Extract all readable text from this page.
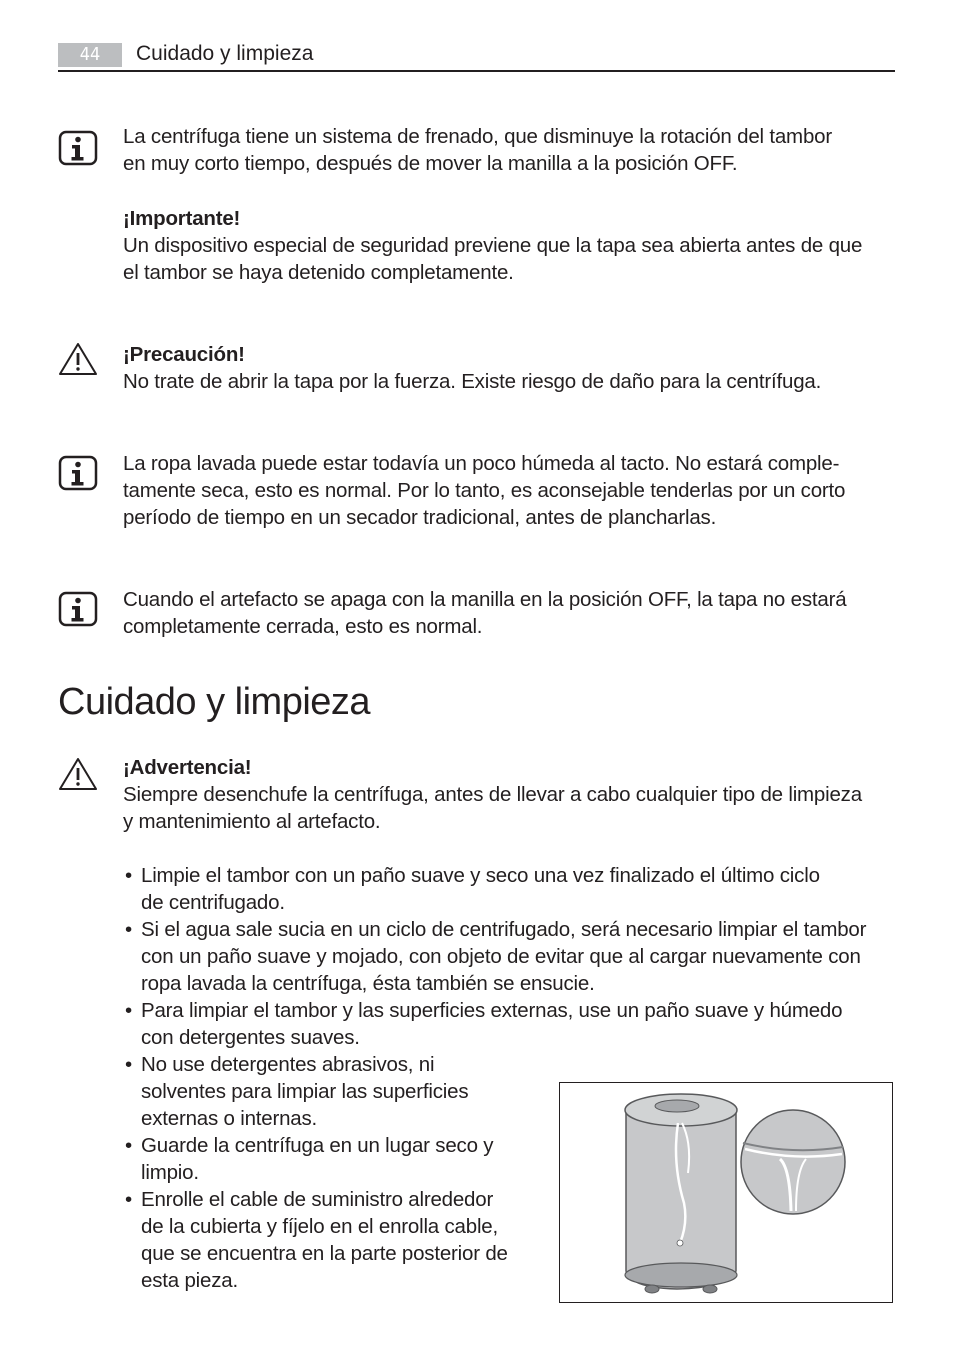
44	Cuidado y limpieza

La centrífuga tiene un sistema de frenado, que disminuye la rotación del tambor

en muy corto tiempo, después de mover la manilla a la posición OFF.

¡Importante!

Un dispositivo especial de seguridad previene que la tapa sea abierta antes de que

el tambor se haya detenido completamente.

¡Precaución!

No trate de abrir la tapa por la fuerza. Existe riesgo de daño para la centrífuga.

La ropa lavada puede estar todavía un poco húmeda al tacto. No estará comple-

tamente seca, esto es normal. Por lo tanto, es aconsejable tenderlas por un corto

período de tiempo en un secador tradicional, antes de plancharlas.

Cuando el artefacto se apaga con la manilla en la posición OFF, la tapa no estará

completamente cerrada, esto es normal.

Cuidado y limpieza

¡Advertencia!

Siempre desenchufe la centrífuga, antes de llevar a cabo cualquier tipo de limpieza

y mantenimiento al artefacto.

• Limpie el tambor con un paño suave y seco una vez finalizado el último ciclo
de centrifugado.
• Si el agua sale sucia en un ciclo de centrifugado, será necesario limpiar el tambor
con un paño suave y mojado, con objeto de evitar que al cargar nuevamente con
ropa lavada la centrífuga, ésta también se ensucie.
• Para limpiar el tambor y las superficies externas, use un paño suave y húmedo
con detergentes suaves.
• No use detergentes abrasivos, ni
solventes para limpiar las superficies
externas o internas.
• Guarde la centrífuga en un lugar seco y
limpio.
• Enrolle el cable de suministro alrededor
de la cubierta y fíjelo en el enrolla cable,
que se encuentra en la parte posterior de
esta pieza.
